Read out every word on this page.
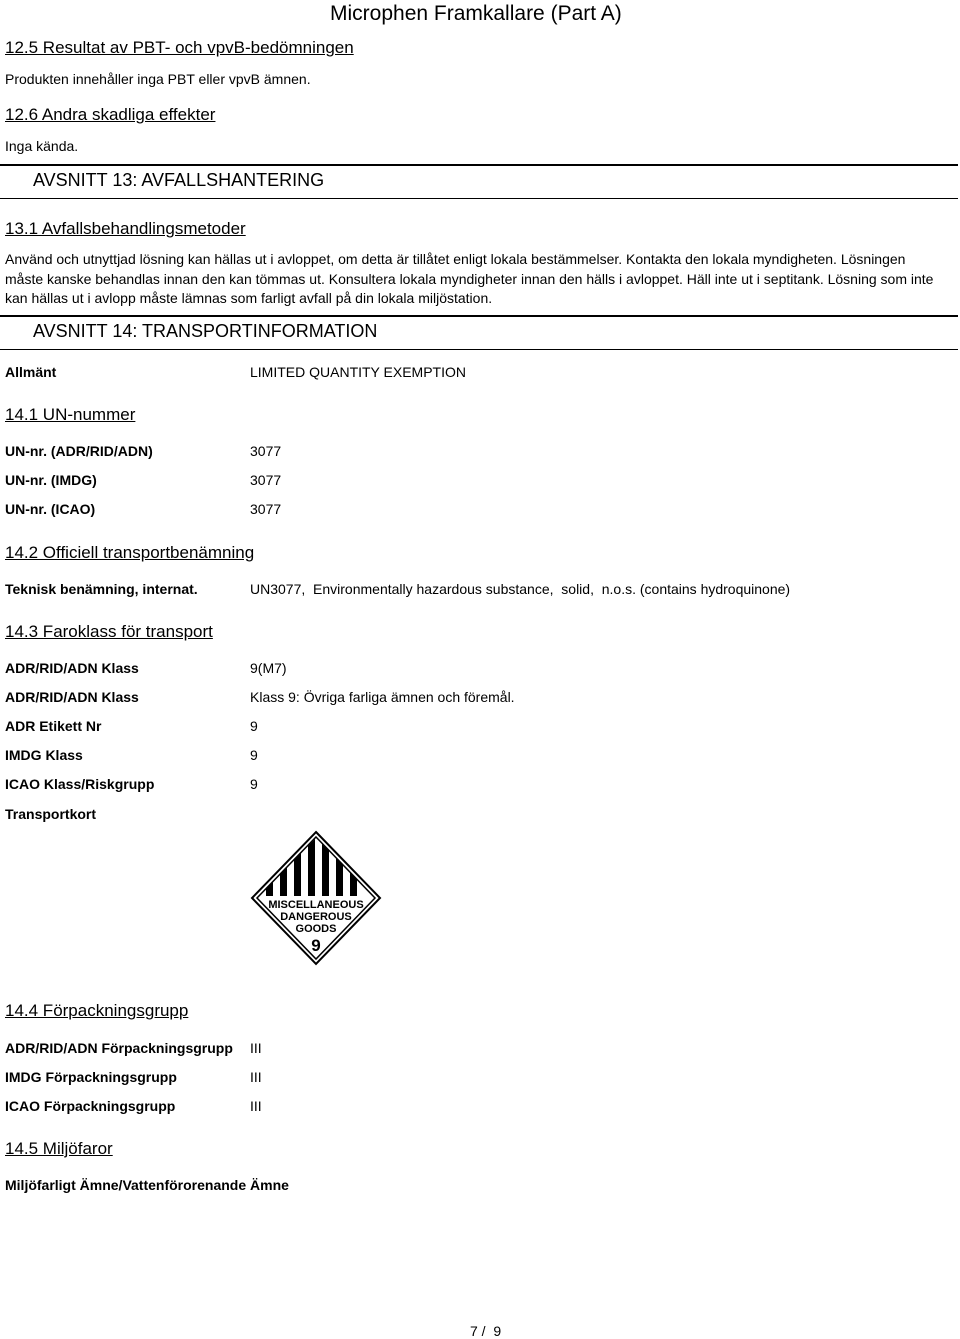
Microphen Framkallare (Part A)
12.5 Resultat av PBT- och vpvB-bedömningen
Produkten innehåller inga PBT eller vpvB ämnen.
12.6 Andra skadliga effekter
Inga kända.
AVSNITT 13: AVFALLSHANTERING
13.1 Avfallsbehandlingsmetoder
Använd och utnyttjad lösning kan hällas ut i avloppet, om detta är tillåtet enligt lokala bestämmelser. Kontakta den lokala myndigheten. Lösningen måste kanske behandlas innan den kan tömmas ut. Konsultera lokala myndigheter innan den hälls i avloppet. Häll inte ut i septitank. Lösning som inte kan hällas ut i avlopp måste lämnas som farligt avfall på din lokala miljöstation.
AVSNITT 14: TRANSPORTINFORMATION
Allmänt	LIMITED QUANTITY EXEMPTION
14.1 UN-nummer
UN-nr. (ADR/RID/ADN)	3077
UN-nr. (IMDG)	3077
UN-nr. (ICAO)	3077
14.2 Officiell transportbenämning
Teknisk benämning, internat.	UN3077,  Environmentally hazardous substance,  solid,  n.o.s. (contains hydroquinone)
14.3 Faroklass för transport
ADR/RID/ADN Klass	9(M7)
ADR/RID/ADN Klass	Klass 9: Övriga farliga ämnen och föremål.
ADR Etikett Nr	9
IMDG Klass	9
ICAO Klass/Riskgrupp	9
Transportkort
MISCELLANEOUS
DANGEROUS
GOODS
9
14.4 Förpackningsgrupp
ADR/RID/ADN Förpackningsgrupp III
IMDG Förpackningsgrupp	III
ICAO Förpackningsgrupp	III
14.5 Miljöfaror
Miljöfarligt Ämne/Vattenförorenande Ämne
7 /  9
